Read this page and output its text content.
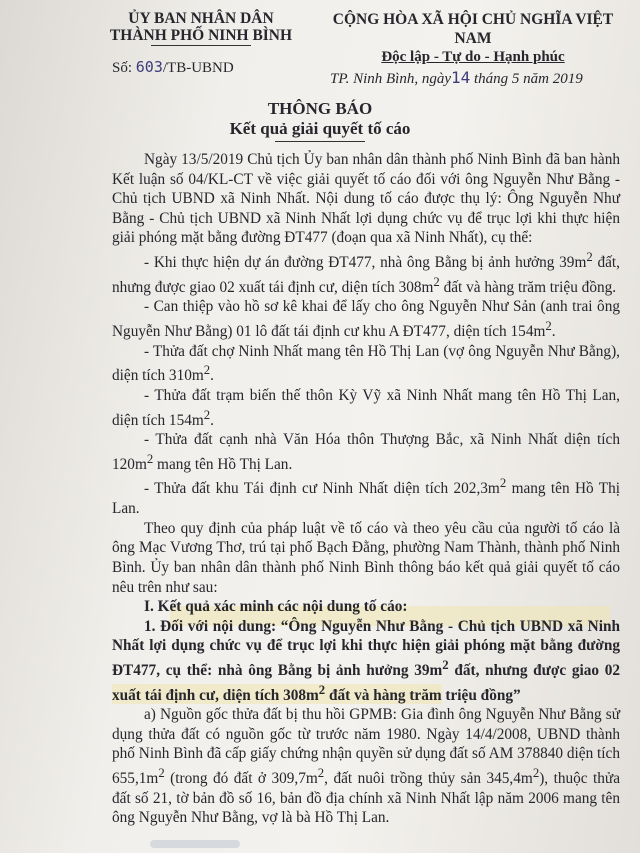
ỦY BAN NHÂN DÂN
THÀNH PHỐ NINH BÌNH
CỘNG HÒA XÃ HỘI CHỦ NGHĨA VIỆT NAM
Độc lập - Tự do - Hạnh phúc
Số: 603/TB-UBND
TP. Ninh Bình, ngày14 tháng 5 năm 2019
THÔNG BÁO
Kết quả giải quyết tố cáo

Ngày 13/5/2019 Chủ tịch Ủy ban nhân dân thành phố Ninh Bình đã ban hành Kết luận số 04/KL-CT về việc giải quyết tố cáo đối với ông Nguyễn Như Bằng - Chủ tịch UBND xã Ninh Nhất. Nội dung tố cáo được thụ lý: Ông Nguyễn Như Bằng - Chủ tịch UBND xã Ninh Nhất lợi dụng chức vụ để trục lợi khi thực hiện giải phóng mặt bằng đường ĐT477 (đoạn qua xã Ninh Nhất), cụ thể:

- Khi thực hiện dự án đường ĐT477, nhà ông Bằng bị ảnh hưởng $39m^2$ đất, nhưng được giao 02 xuất tái định cư, diện tích $308m^2$ đất và hàng trăm triệu đồng.

- Can thiệp vào hồ sơ kê khai để lấy cho ông Nguyễn Như Sản (anh trai ông Nguyễn Như Bằng) 01 lô đất tái định cư khu A ĐT477, diện tích $154m^2$.

- Thửa đất chợ Ninh Nhất mang tên Hồ Thị Lan (vợ ông Nguyễn Như Bằng), diện tích $310m^2$.

- Thửa đất trạm biến thế thôn Kỳ Vỹ xã Ninh Nhất mang tên Hồ Thị Lan, diện tích $154m^2$.

- Thửa đất cạnh nhà Văn Hóa thôn Thượng Bắc, xã Ninh Nhất diện tích $120m^2$ mang tên Hồ Thị Lan.

- Thửa đất khu Tái định cư Ninh Nhất diện tích $202,3m^2$ mang tên Hồ Thị Lan.

Theo quy định của pháp luật về tố cáo và theo yêu cầu của người tố cáo là ông Mạc Vương Thơ, trú tại phố Bạch Đằng, phường Nam Thành, thành phố Ninh Bình. Ủy ban nhân dân thành phố Ninh Bình thông báo kết quả giải quyết tố cáo nêu trên như sau:

I. Kết quả xác minh các nội dung tố cáo:

1. Đối với nội dung: “Ông Nguyễn Như Bằng - Chủ tịch UBND xã Ninh Nhất lợi dụng chức vụ để trục lợi khi thực hiện giải phóng mặt bằng đường ĐT477, cụ thể: nhà ông Bằng bị ảnh hưởng $39m^2$ đất, nhưng được giao 02 xuất tái định cư, diện tích $308m^2$ đất và hàng trăm triệu đồng”

a) Nguồn gốc thửa đất bị thu hồi GPMB: Gia đình ông Nguyễn Như Bằng sử dụng thửa đất có nguồn gốc từ trước năm 1980. Ngày 14/4/2008, UBND thành phố Ninh Bình đã cấp giấy chứng nhận quyền sử dụng đất số AM 378840 diện tích $655,1m^2$ (trong đó đất ở $309,7m^2$, đất nuôi trồng thủy sản $345,4m^2$), thuộc thửa đất số 21, tờ bản đồ số 16, bản đồ địa chính xã Ninh Nhất lập năm 2006 mang tên ông Nguyễn Như Bằng, vợ là bà Hồ Thị Lan.
